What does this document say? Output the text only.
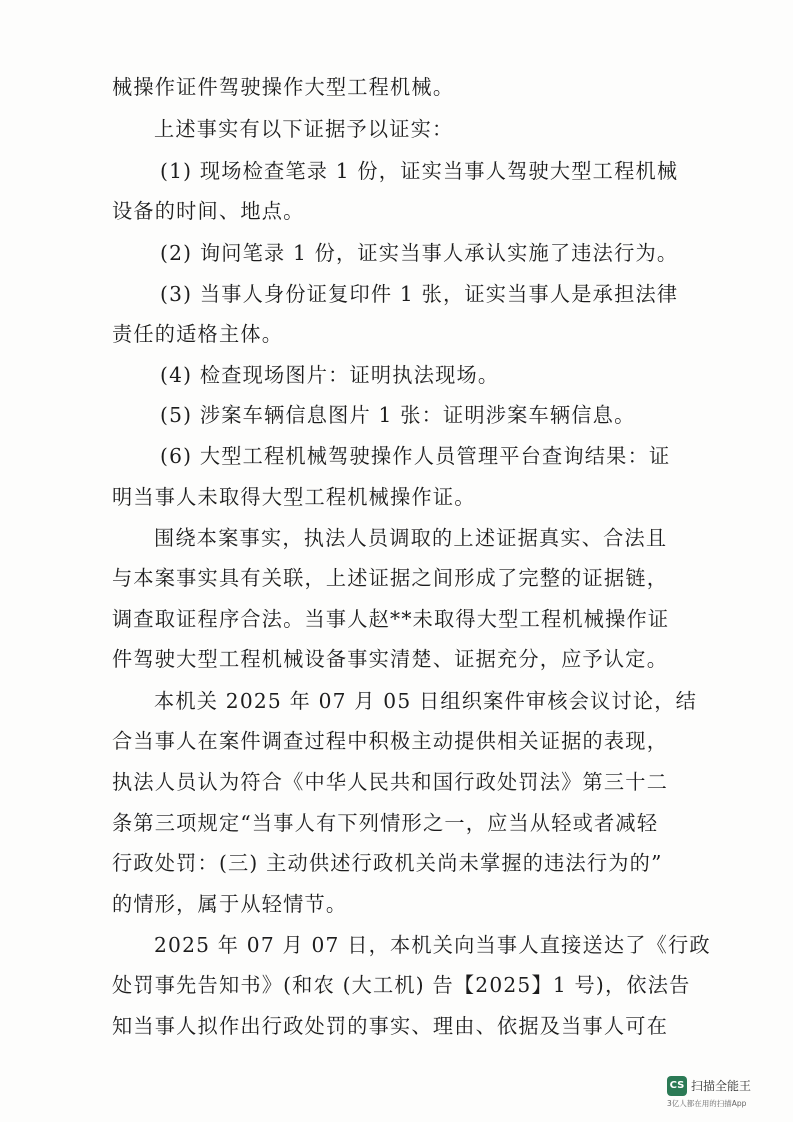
械操作证件驾驶操作大型工程机械。
上述事实有以下证据予以证实：
(1) 现场检查笔录 1 份，证实当事人驾驶大型工程机械
设备的时间、地点。
(2) 询问笔录 1 份，证实当事人承认实施了违法行为。
(3) 当事人身份证复印件 1 张，证实当事人是承担法律
责任的适格主体。
(4) 检查现场图片：证明执法现场。
(5) 涉案车辆信息图片 1 张：证明涉案车辆信息。
(6) 大型工程机械驾驶操作人员管理平台查询结果：证
明当事人未取得大型工程机械操作证。
围绕本案事实，执法人员调取的上述证据真实、合法且
与本案事实具有关联，上述证据之间形成了完整的证据链，
调查取证程序合法。当事人赵**未取得大型工程机械操作证
件驾驶大型工程机械设备事实清楚、证据充分，应予认定。
本机关 2025 年 07 月 05 日组织案件审核会议讨论，结
合当事人在案件调查过程中积极主动提供相关证据的表现，
执法人员认为符合《中华人民共和国行政处罚法》第三十二
条第三项规定“当事人有下列情形之一，应当从轻或者减轻
行政处罚：(三) 主动供述行政机关尚未掌握的违法行为的”
的情形，属于从轻情节。
2025 年 07 月 07 日，本机关向当事人直接送达了《行政
处罚事先告知书》(和农 (大工机) 告【2025】1 号)，依法告
知当事人拟作出行政处罚的事实、理由、依据及当事人可在
CS 扫描全能王
3亿人都在用的扫描App
